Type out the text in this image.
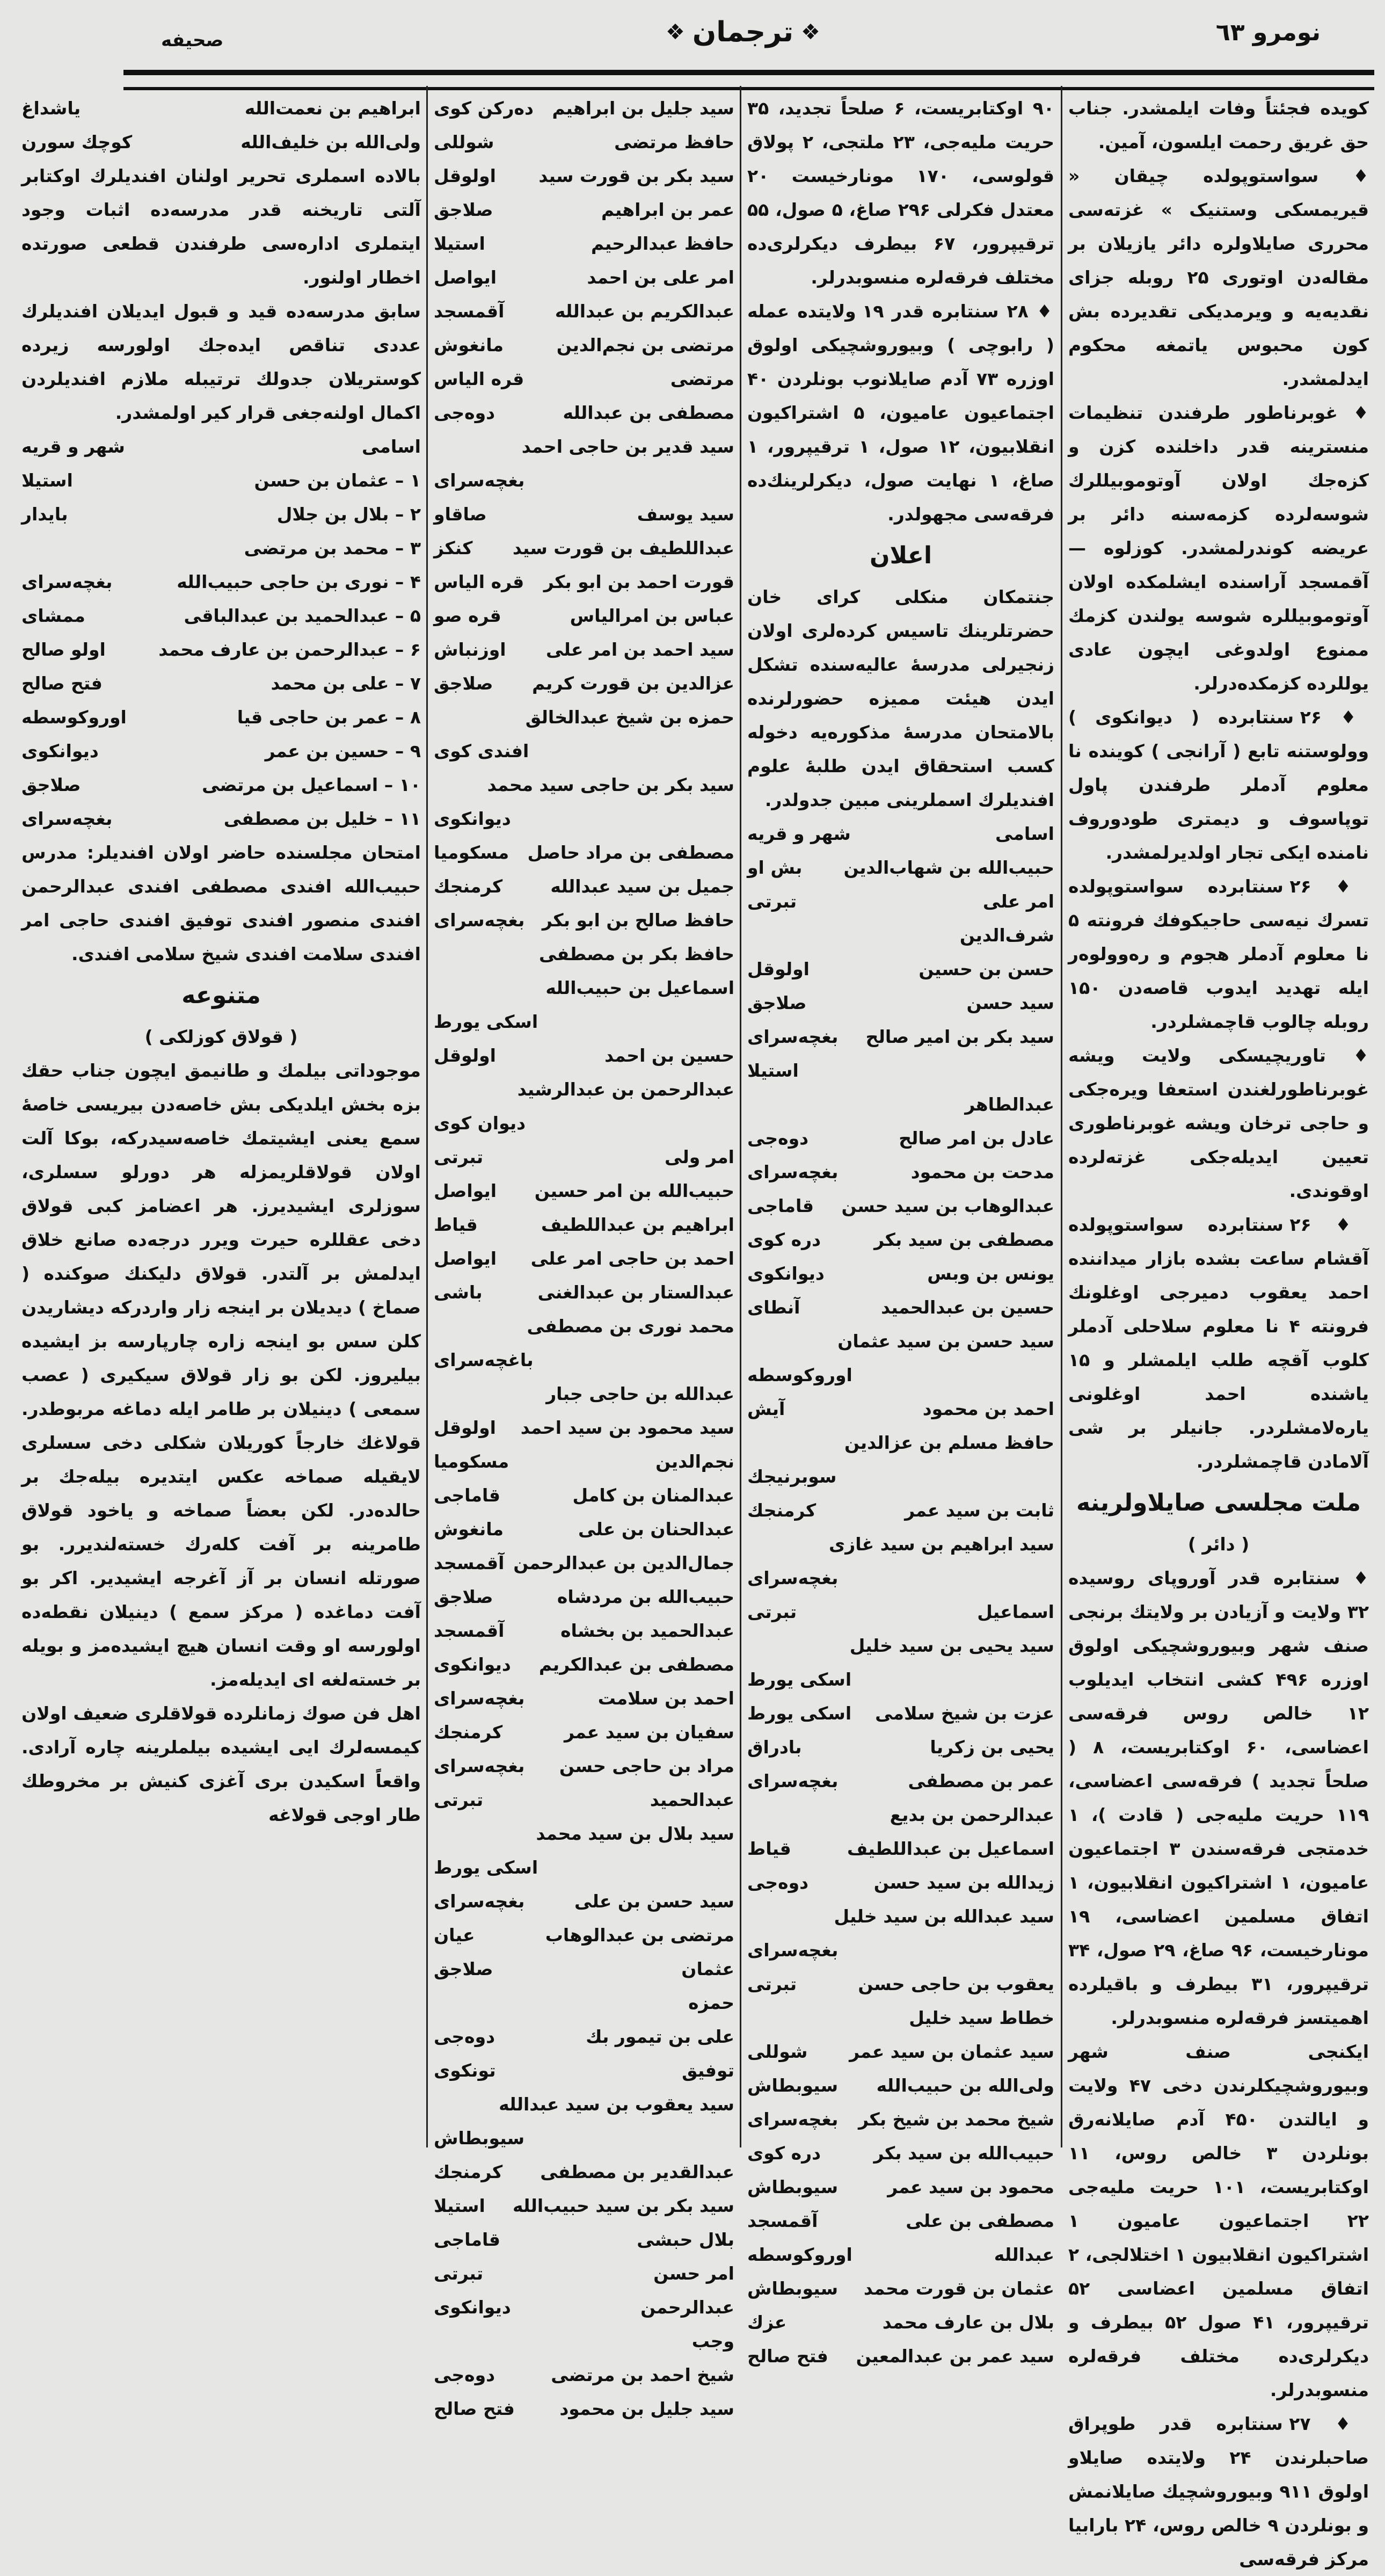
نومرو ٦٣
❖
ترجمان
❖
صحیفه
کویده فجئتاً وفات ایلمشدر. جناب حق غریق رحمت ایلسون، آمین.
♦ سواستوپولده چیقان « قیریمسکی وستنیک » غزته‌سی محرری صایلاولره دائر یازیلان بر مقاله‌دن اوتوری ۲۵ روبله جزای نقدیه‌یه و ویرمدیکی تقدیرده بش کون محبوس یاتمغه محکوم ایدلمشدر.
♦ غوبرناطور طرفندن تنظیمات منسترینه قدر داخلنده کزن و کزه‌جك اولان آوتوموبیللرك شوسه‌لرده کزمه‌سنه دائر بر عریضه کوندرلمشدر. کوزلوه — آقمسجد آراسنده ایشلمکده اولان آوتوموبیللره شوسه یولندن کزمك ممنوع اولدوغی ایچون عادی یوللرده کزمکده‌درلر.
♦ ۲۶ سنتابرده ( دیوانکوی ) وولوستنه تابع ( آرانجی ) کوینده نا معلوم آدملر طرفندن پاول توپاسوف و دیمتری طودوروف نامنده ایکی تجار اولدیرلمشدر.
♦ ۲۶ سنتابرده سواستوپولده تسرك نیه‌سی حاجیکوفك فرونته ۵ نا معلوم آدملر هجوم و رەوولوەر ایله تهدید ایدوب قاصه‌دن ۱۵۰ روبله چالوب قاچمشلردر.
♦ تاوریچیسکی ولایت ویشه غوبرناطورلغندن استعفا ویره‌جکی و حاجی ترخان ویشه غوبرناطوری تعیین ایدیله‌جکی غزته‌لرده اوقوندی.
♦ ۲۶ سنتابرده سواستوپولده آقشام ساعت بشده بازار میداننده احمد یعقوب دمیرجی اوغلونك فرونته ۴ نا معلوم سلاحلی آدملر کلوب آقچه طلب ایلمشلر و ۱۵ یاشنده احمد اوغلونی یاره‌لامشلردر. جانیلر بر شی آلامادن قاچمشلردر.
ملت مجلسی صایلاولرینه
( دائر )
♦ سنتابره قدر آوروپای روسیده ۳۲ ولایت و آزیادن بر ولایتك برنجی صنف شهر وبیوروشچیکی اولوق اوزره ۴۹۶ کشی انتخاب ایدیلوب ۱۲ خالص روس فرقه‌سی اعضاسی، ۶۰ اوکتابریست، ۸ ( صلحاً تجدید ) فرقه‌سی اعضاسی، ۱۱۹ حریت ملیه‌جی ( قادت )، ۱ خدمتجی فرقه‌سندن ۳ اجتماعیون عامیون، ۱ اشتراکیون انقلابیون، ۱ اتفاق مسلمین اعضاسی، ۱۹ مونارخیست، ۹۶ صاغ، ۲۹ صول، ۳۴ ترقیپرور، ۳۱ بیطرف و باقیلرده اهمیتسز فرقه‌لره منسوبدرلر.
ایکنجی صنف شهر وبیوروشچیکلرندن دخی ۴۷ ولایت و ایالتدن ۴۵۰ آدم صایلانه‌رق بونلردن ۳ خالص روس، ۱۱ اوکتابریست، ۱۰۱ حریت ملیه‌جی ۲۲ اجتماعیون عامیون ۱ اشتراکیون انقلابیون ۱ اختلالجی، ۲ اتفاق مسلمین اعضاسی ۵۲ ترقیپرور، ۴۱ صول ۵۲ بیطرف و دیکرلری‌ده مختلف فرقه‌لره منسوبدرلر.
♦ ۲۷ سنتابره قدر طوپراق صاحبلرندن ۲۴ ولایتده صایلاو اولوق ۹۱۱ وبیوروشچیك صایلانمش و بونلردن ۹ خالص روس، ۲۴ بارابیا مرکز فرقه‌سی
۹۰ اوکتابریست، ۶ صلحاً تجدید، ۳۵ حریت ملیه‌جی، ۲۳ ملتجی، ۲ پولاق قولوسی، ۱۷۰ مونارخیست ۲۰ معتدل فکرلی ۲۹۶ صاغ، ۵ صول، ۵۵ ترقیپرور، ۶۷ بیطرف دیکرلری‌ده مختلف فرقه‌لره منسوبدرلر.
♦ ۲۸ سنتابره قدر ۱۹ ولایتده عمله ( رابوچی ) وبیوروشچیکی اولوق اوزره ۷۳ آدم صایلانوب بونلردن ۴۰ اجتماعیون عامیون، ۵ اشتراکیون انقلابیون، ۱۲ صول، ۱ ترقیپرور، ۱ صاغ، ۱ نهایت صول، دیکرلرینك‌ده فرقه‌سی مجهولدر.
اعلان
جنتمکان منکلی کرای خان حضرتلرینك تاسیس کرده‌لری اولان زنجیرلی مدرسهٔ عالیه‌سنده تشکل ایدن هیئت ممیزه حضورلرنده بالامتحان مدرسهٔ مذکوره‌یه دخوله کسب استحقاق ایدن طلبهٔ علوم افندیلرك اسملرینی مبین جدولدر.
اسامی
شهر و قریه
حبیب‌الله بن شهاب‌الدین
بش او
امر علی
تبرتی
شرف‌الدین
حسن بن حسین
اولوقل
سید حسن
صلاجق
سید بکر بن امیر صالح
بغچه‌سرای
استیلا
عبدالطاهر
عادل بن امر صالح
دوه‌جی
مدحت بن محمود
بغچه‌سرای
عبدالوهاب بن سید حسن
قاماجی
مصطفی بن سید بکر
دره کوی
یونس بن وبس
دیوانکوی
حسین بن عبدالحمید
آنطای
سید حسن بن سید عثمان
اوروکوسطه
احمد بن محمود
آیش
حافظ مسلم بن عزالدین
سوبرنیجك
ثابت بن سید عمر
کرمنجك
سید ابراهیم بن سید غازی
بغچه‌سرای
اسماعیل
تبرتی
سید یحیی بن سید خلیل
اسکی یورط
عزت بن شیخ سلامی
اسکی یورط
یحیی بن زکریا
بادراق
عمر بن مصطفی
بغچه‌سرای
عبدالرحمن بن بدیع
اسماعیل بن عبداللطیف
قیاط
زیدالله بن سید حسن
دوه‌جی
سید عبدالله بن سید خلیل
بغچه‌سرای
یعقوب بن حاجی حسن
تبرتی
خطاط سید خلیل
سید عثمان بن سید عمر
شوللی
ولی‌الله بن حبیب‌الله
سیوبطاش
شیخ محمد بن شیخ بکر
بغچه‌سرای
حبیب‌الله بن سید بکر
دره کوی
محمود بن سید عمر
سیوبطاش
مصطفی بن علی
آقمسجد
عبدالله
اوروکوسطه
عثمان بن قورت محمد
سیوبطاش
بلال بن عارف محمد
عزك
سید عمر بن عبدالمعین
فتح صالح
سید جلیل بن ابراهیم
ده‌رکن کوی
حافظ مرتضی
شوللی
سید بکر بن قورت سید
اولوقل
عمر بن ابراهیم
صلاجق
حافظ عبدالرحیم
استیلا
امر علی بن احمد
ایواصل
عبدالکریم بن عبدالله
آقمسجد
مرتضی بن نجم‌الدین
مانغوش
مرتضی
قره الیاس
مصطفی بن عبدالله
دوه‌جی
سید قدیر بن حاجی احمد
بغچه‌سرای
سید یوسف
صاقاو
عبداللطیف بن قورت سید
کنکز
قورت احمد بن ابو بکر
قره الیاس
عباس بن امرالیاس
قره صو
سید احمد بن امر علی
اوزنباش
عزالدین بن قورت کریم
صلاجق
حمزه بن شیخ عبدالخالق
افندی کوی
سید بکر بن حاجی سید محمد
دیوانکوی
مصطفی بن مراد حاصل
مسکومیا
جمیل بن سید عبدالله
کرمنجك
حافظ صالح بن ابو بکر
بغچه‌سرای
حافظ بکر بن مصطفی
اسماعیل بن حبیب‌الله
اسکی یورط
حسین بن احمد
اولوقل
عبدالرحمن بن عبدالرشید
دیوان کوی
امر ولی
تبرتی
حبیب‌الله بن امر حسین
ایواصل
ابراهیم بن عبداللطیف
قیاط
احمد بن حاجی امر علی
ایواصل
عبدالستار بن عبدالغنی
باشی
محمد نوری بن مصطفی
باغچه‌سرای
عبدالله بن حاجی جبار
سید محمود بن سید احمد
اولوقل
نجم‌الدین
مسکومیا
عبدالمنان بن کامل
قاماجی
عبدالحنان بن علی
مانغوش
جمال‌الدین بن عبدالرحمن
آقمسجد
حبیب‌الله بن مردشاه
صلاجق
عبدالحمید بن بخشاه
آقمسجد
مصطفی بن عبدالکریم
دیوانکوی
احمد بن سلامت
بغچه‌سرای
سفیان بن سید عمر
کرمنجك
مراد بن حاجی حسن
بغچه‌سرای
عبدالحمید
تبرتی
سید بلال بن سید محمد
اسکی یورط
سید حسن بن علی
بغچه‌سرای
مرتضی بن عبدالوهاب
عیان
عثمان
صلاجق
حمزه
علی بن تیمور بك
دوه‌جی
توفیق
تونکوی
سید یعقوب بن سید عبدالله
سیوبطاش
عبدالقدیر بن مصطفی
کرمنجك
سید بکر بن سید حبیب‌الله
استیلا
بلال حبشی
قاماجی
امر حسن
تبرتی
عبدالرحمن
دیوانکوی
وجب
شیخ احمد بن مرتضی
دوه‌جی
سید جلیل بن محمود
فتح صالح
ابراهیم بن نعمت‌الله
یاشداغ
ولی‌الله بن خلیف‌الله
کوچك سورن
بالاده اسملری تحریر اولنان افندیلرك اوکتابر آلتی تاریخنه قدر مدرسه‌ده اثبات وجود ایتملری اداره‌سی طرفندن قطعی صورتده اخطار اولنور.
سابق مدرسه‌ده قید و قبول ایدیلان افندیلرك عددی تناقص ایده‌جك اولورسه زیرده کوستریلان جدولك ترتیبله ملازم افندیلردن اکمال اولنه‌جغی قرار کیر اولمشدر.
اسامی
شهر و قریه
۱ – عثمان بن حسن
استیلا
۲ – بلال بن جلال
بایدار
۳ – محمد بن مرتضی
۴ – نوری بن حاجی حبیب‌الله
بغچه‌سرای
۵ – عبدالحمید بن عبدالباقی
ممشای
۶ – عبدالرحمن بن عارف محمد
اولو صالح
۷ – علی بن محمد
فتح صالح
۸ – عمر بن حاجی قیا
اوروکوسطه
۹ – حسین بن عمر
دیوانکوی
۱۰ – اسماعیل بن مرتضی
صلاجق
۱۱ – خلیل بن مصطفی
بغچه‌سرای
امتحان مجلسنده حاضر اولان افندیلر: مدرس حبیب‌الله افندی مصطفی افندی عبدالرحمن افندی منصور افندی توفیق افندی حاجی امر افندی سلامت افندی شیخ سلامی افندی.
متنوعه
( قولاق کوزلکی )
موجوداتی بیلمك و طانیمق ایچون جناب حقك بزه بخش ایلدیکی بش خاصه‌دن بیریسی خاصهٔ سمع یعنی ایشیتمك خاصه‌سیدرکه، بوکا آلت اولان قولاقلریمزله هر دورلو سسلری، سوزلری ایشیدیرز. هر اعضامز کبی قولاق دخی عقللره حیرت ویرر درجه‌ده صانع خلاق ایدلمش بر آلتدر. قولاق دلیکنك صوکنده ( صماخ ) دیدیلان بر اینجه زار واردرکه دیشاریدن کلن سس بو اینجه زاره چارپارسه بز ایشیده بیلیروز. لکن بو زار قولاق سیکیری ( عصب سمعی ) دینیلان بر طامر ایله دماغه مربوطدر. قولاغك خارجاً کوریلان شکلی دخی سسلری لایقیله صماخه عکس ایتدیره بیله‌جك بر حالده‌در. لکن بعضاً صماخه و یاخود قولاق طامرینه بر آفت کله‌رك خسته‌لندیرر. بو صورتله انسان بر آز آغرجه ایشیدیر. اکر بو آفت دماغده ( مرکز سمع ) دینیلان نقطه‌ده اولورسه او وقت انسان هیچ ایشیده‌مز و بویله بر خسته‌لغه ای ایدیله‌مز.
اهل فن صوك زمانلرده قولاقلری ضعیف اولان کیمسه‌لرك ایی ایشیده بیلملرینه چاره آرادی. واقعاً اسکیدن بری آغزی کنیش بر مخروطك طار اوجی قولاغه
